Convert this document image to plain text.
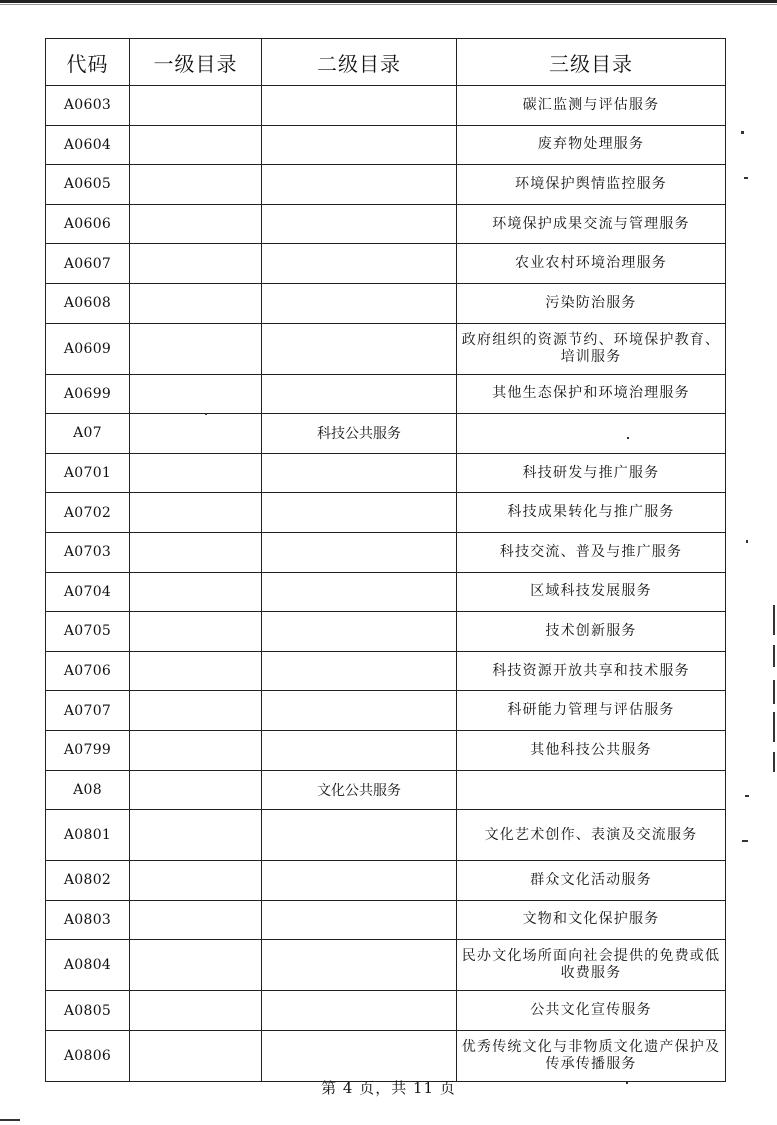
代码	一级目录	二级目录	三级目录
A0603			碳汇监测与评估服务
A0604			废弃物处理服务
A0605			环境保护舆情监控服务
A0606			环境保护成果交流与管理服务
A0607			农业农村环境治理服务
A0608			污染防治服务
A0609			政府组织的资源节约、环境保护教育、培训服务
A0699			其他生态保护和环境治理服务
A07		科技公共服务	
A0701			科技研发与推广服务
A0702			科技成果转化与推广服务
A0703			科技交流、普及与推广服务
A0704			区域科技发展服务
A0705			技术创新服务
A0706			科技资源开放共享和技术服务
A0707			科研能力管理与评估服务
A0799			其他科技公共服务
A08		文化公共服务	
A0801			文化艺术创作、表演及交流服务
A0802			群众文化活动服务
A0803			文物和文化保护服务
A0804			民办文化场所面向社会提供的免费或低收费服务
A0805			公共文化宣传服务
A0806			优秀传统文化与非物质文化遗产保护及传承传播服务
第 4 页，共 11 页
